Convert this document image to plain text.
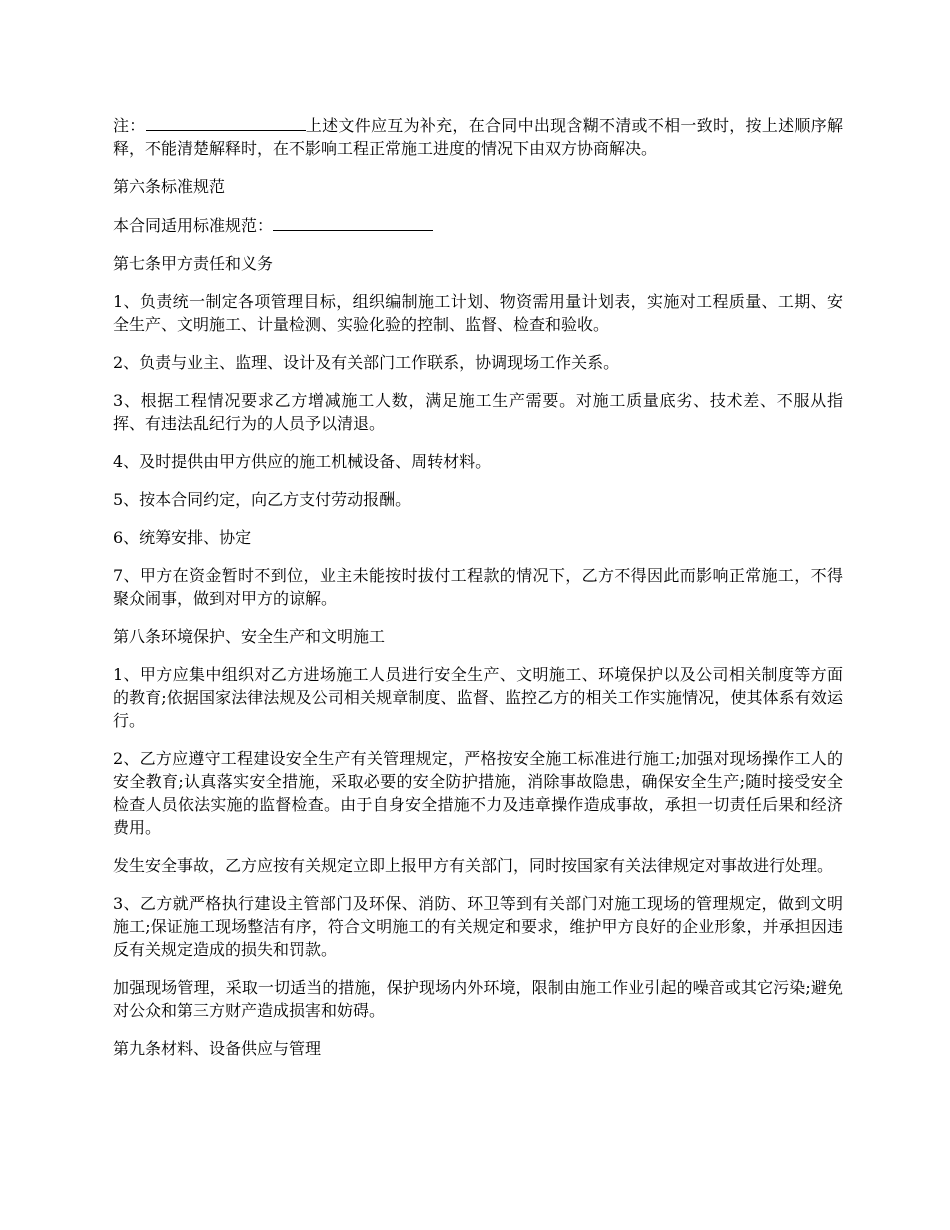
注：	上述文件应互为补充，在合同中出现含糊不清或不相一致时，按上述顺序解释，不能清楚解释时，在不影响工程正常施工进度的情况下由双方协商解决。

第六条标准规范

本合同适用标准规范：

第七条甲方责任和义务

1、负责统一制定各项管理目标，组织编制施工计划、物资需用量计划表，实施对工程质量、工期、安全生产、文明施工、计量检测、实验化验的控制、监督、检查和验收。

2、负责与业主、监理、设计及有关部门工作联系，协调现场工作关系。

3、根据工程情况要求乙方增减施工人数，满足施工生产需要。对施工质量底劣、技术差、不服从指挥、有违法乱纪行为的人员予以清退。

4、及时提供由甲方供应的施工机械设备、周转材料。

5、按本合同约定，向乙方支付劳动报酬。

6、统筹安排、协定

7、甲方在资金暂时不到位，业主未能按时拔付工程款的情况下，乙方不得因此而影响正常施工，不得聚众闹事，做到对甲方的谅解。

第八条环境保护、安全生产和文明施工

1、甲方应集中组织对乙方进场施工人员进行安全生产、文明施工、环境保护以及公司相关制度等方面的教育;依据国家法律法规及公司相关规章制度、监督、监控乙方的相关工作实施情况，使其体系有效运行。

2、乙方应遵守工程建设安全生产有关管理规定，严格按安全施工标准进行施工;加强对现场操作工人的安全教育;认真落实安全措施，采取必要的安全防护措施，消除事故隐患，确保安全生产;随时接受安全检查人员依法实施的监督检查。由于自身安全措施不力及违章操作造成事故，承担一切责任后果和经济费用。

发生安全事故，乙方应按有关规定立即上报甲方有关部门，同时按国家有关法律规定对事故进行处理。

3、乙方就严格执行建设主管部门及环保、消防、环卫等到有关部门对施工现场的管理规定，做到文明施工;保证施工现场整洁有序，符合文明施工的有关规定和要求，维护甲方良好的企业形象，并承担因违反有关规定造成的损失和罚款。

加强现场管理，采取一切适当的措施，保护现场内外环境，限制由施工作业引起的噪音或其它污染;避免对公众和第三方财产造成损害和妨碍。

第九条材料、设备供应与管理
